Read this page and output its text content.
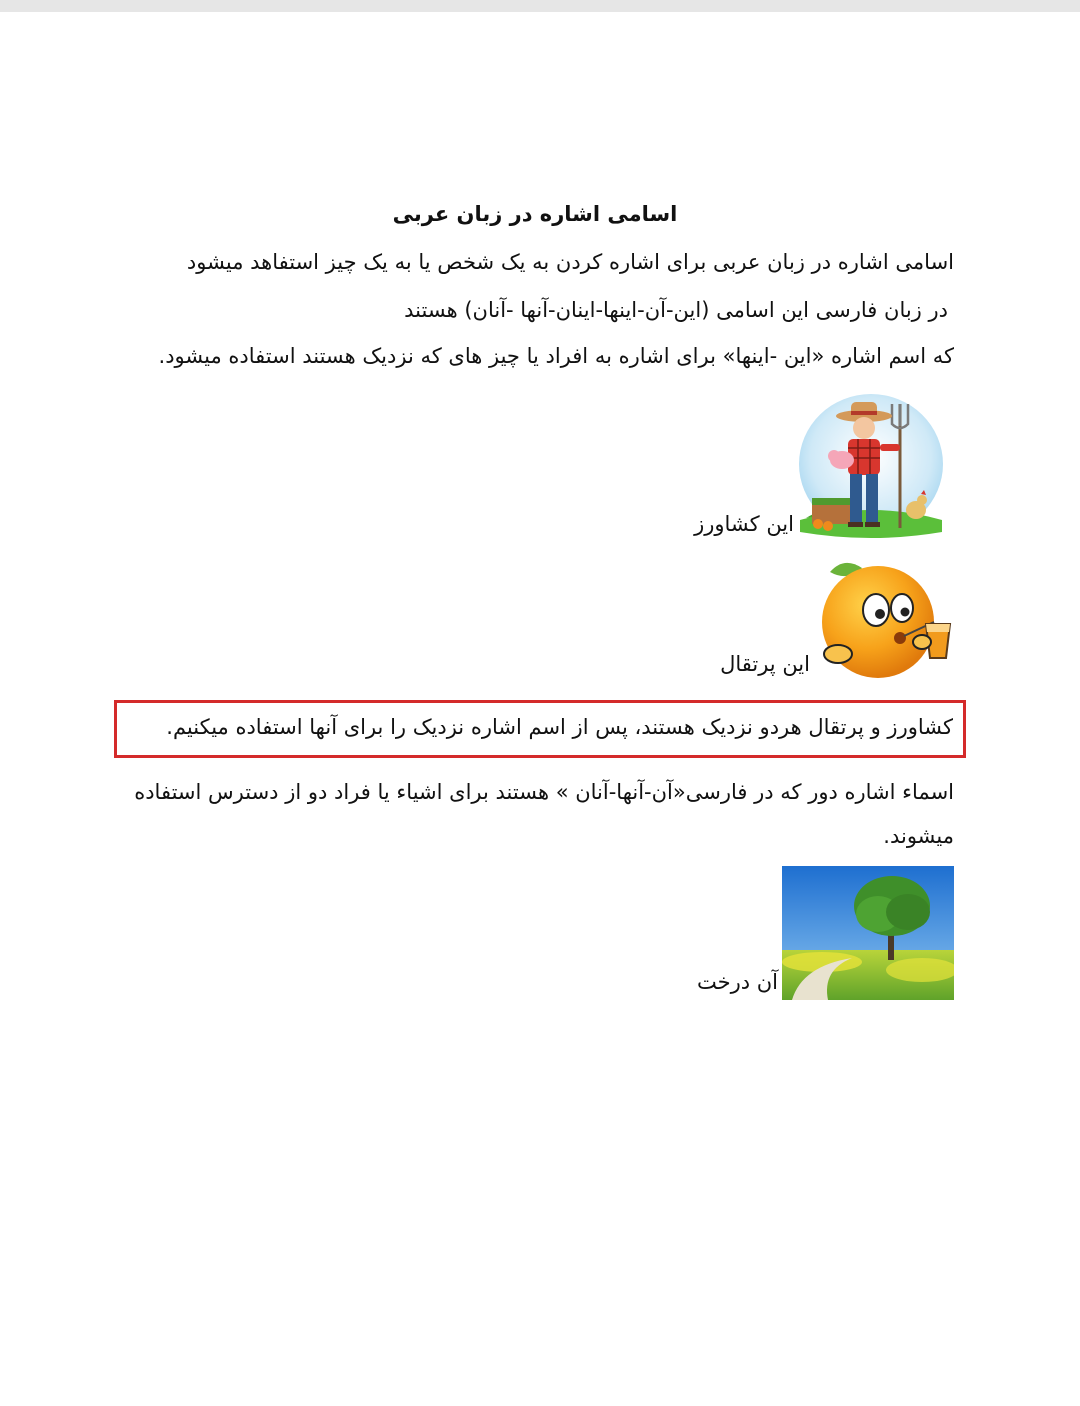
اسامی اشاره در زبان عربی

اسامی اشاره در زبان عربی برای اشاره کردن به یک شخص یا به یک چیز استفاهد میشود

در زبان فارسی این اسامی (این-آن-اینها-اینان-آنها -آنان) هستند

که اسم اشاره «این -اینها» برای اشاره به افراد یا چیز های که نزدیک هستند استفاده میشود.

این کشاورز
این پرتقال
کشاورز و پرتقال هردو نزدیک هستند، پس از اسم اشاره نزدیک را برای آنها استفاده میکنیم.

اسماء اشاره دور که در فارسی«آن-آنها-آنان » هستند برای اشیاء یا فراد دو از دسترس استفاده میشوند.

آن درخت
